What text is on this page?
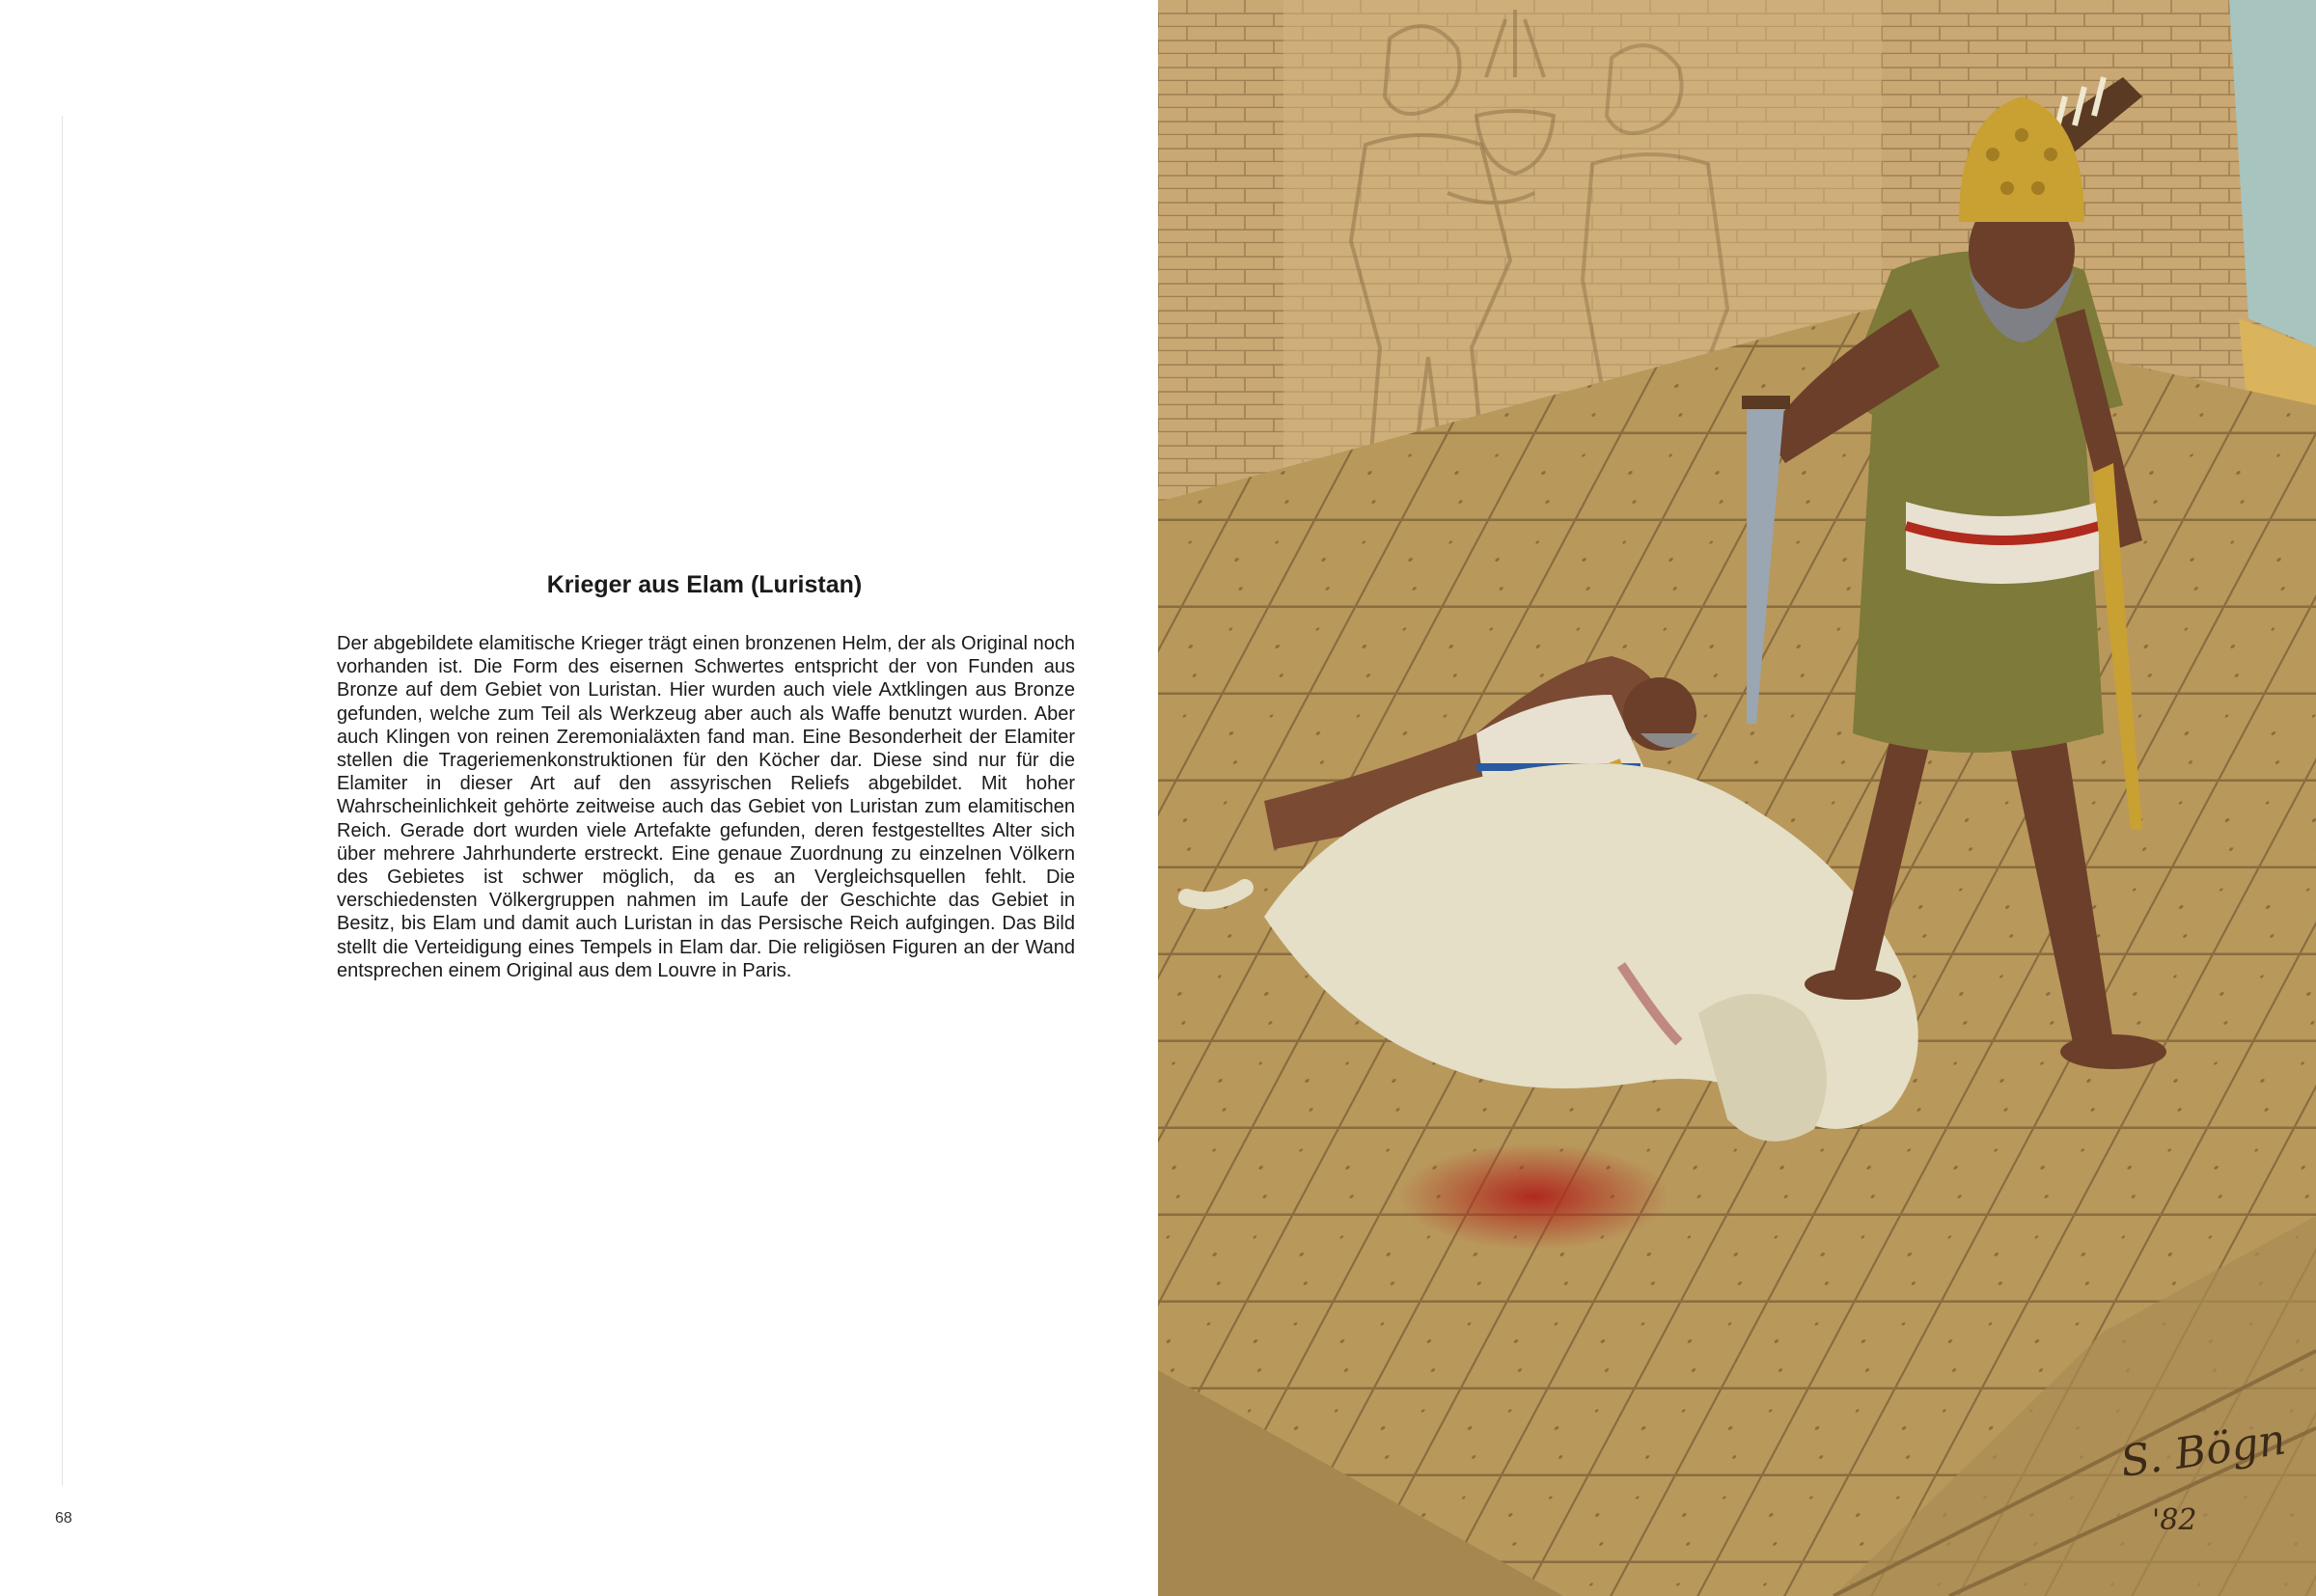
Krieger aus Elam (Luristan)
Der abgebildete elamitische Krieger trägt einen bronzenen Helm, der als Original noch vorhanden ist. Die Form des eisernen Schwertes entspricht der von Funden aus Bronze auf dem Gebiet von Luristan. Hier wurden auch viele Axtklingen aus Bronze gefunden, welche zum Teil als Werkzeug aber auch als Waffe benutzt wurden. Aber auch Klingen von reinen Zeremonialäxten fand man. Eine Besonderheit der Elamiter stellen die Trageriemenkonstruktionen für den Köcher dar. Diese sind nur für die Elamiter in dieser Art auf den assyrischen Reliefs abgebildet. Mit hoher Wahrscheinlichkeit gehörte zeitweise auch das Gebiet von Luristan zum elamitischen Reich. Gerade dort wurden viele Artefakte gefunden, deren festgestelltes Alter sich über mehrere Jahrhunderte erstreckt. Eine genaue Zuordnung zu einzelnen Völkern des Gebietes ist schwer möglich, da es an Vergleichsquellen fehlt. Die verschiedensten Völkergruppen nahmen im Laufe der Geschichte das Gebiet in Besitz, bis Elam und damit auch Luristan in das Persische Reich aufgingen. Das Bild stellt die Verteidigung eines Tempels in Elam dar. Die religiösen Figuren an der Wand entsprechen einem Original aus dem Louvre in Paris.
68
S. Bögn
'82
